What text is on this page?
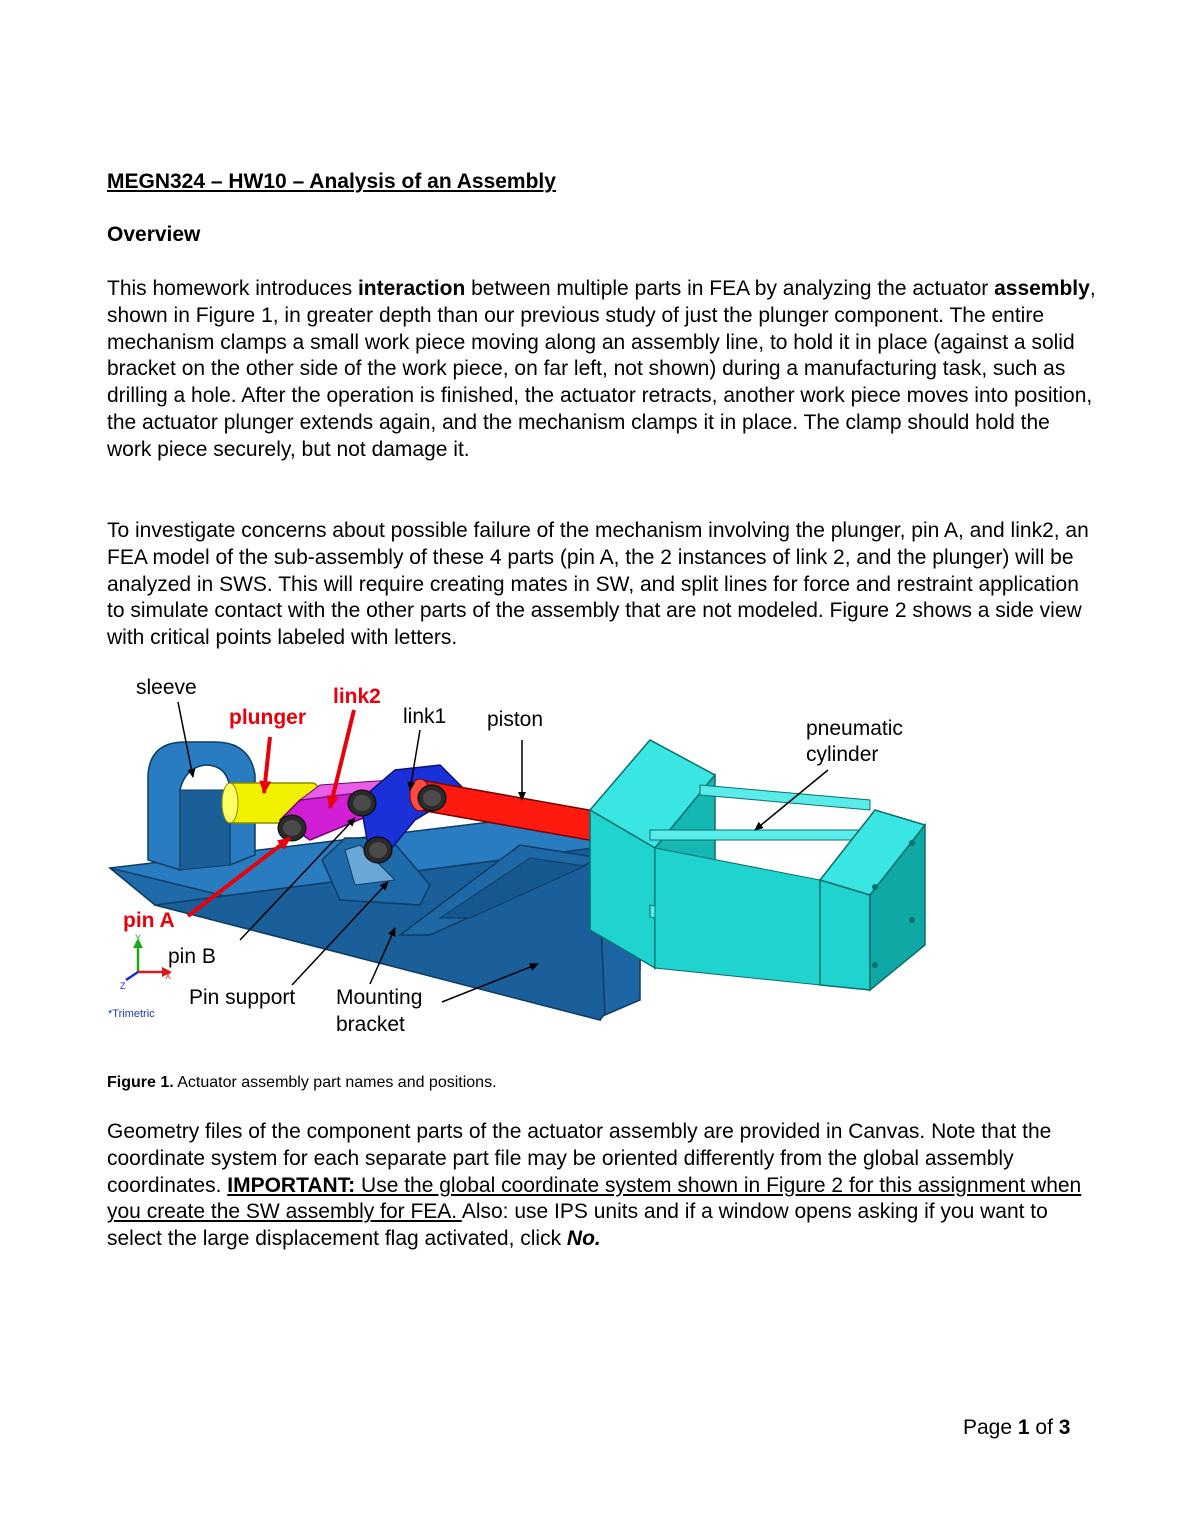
MEGN324 – HW10 – Analysis of an Assembly
Overview

This homework introduces interaction between multiple parts in FEA by analyzing the actuator assembly, shown in Figure 1, in greater depth than our previous study of just the plunger component. The entire mechanism clamps a small work piece moving along an assembly line, to hold it in place (against a solid bracket on the other side of the work piece, on far left, not shown) during a manufacturing task, such as drilling a hole. After the operation is finished, the actuator retracts, another work piece moves into position, the actuator plunger extends again, and the mechanism clamps it in place. The clamp should hold the work piece securely, but not damage it.

To investigate concerns about possible failure of the mechanism involving the plunger, pin A, and link2, an FEA model of the sub-assembly of these 4 parts (pin A, the 2 instances of link 2, and the plunger) will be analyzed in SWS. This will require creating mates in SW, and split lines for force and restraint application to simulate contact with the other parts of the assembly that are not modeled. Figure 2 shows a side view with critical points labeled with letters.

Y
X
Z
*Trimetric
sleeve
plunger
link2
link1 piston	pneumatic
cylinder
pin A
pin B
Pin support Mounting
bracket
Figure 1. Actuator assembly part names and positions.

Geometry files of the component parts of the actuator assembly are provided in Canvas. Note that the coordinate system for each separate part file may be oriented differently from the global assembly coordinates. IMPORTANT: Use the global coordinate system shown in Figure 2 for this assignment when you create the SW assembly for FEA. Also: use IPS units and if a window opens asking if you want to select the large displacement flag activated, click No.

Page 1 of 3
